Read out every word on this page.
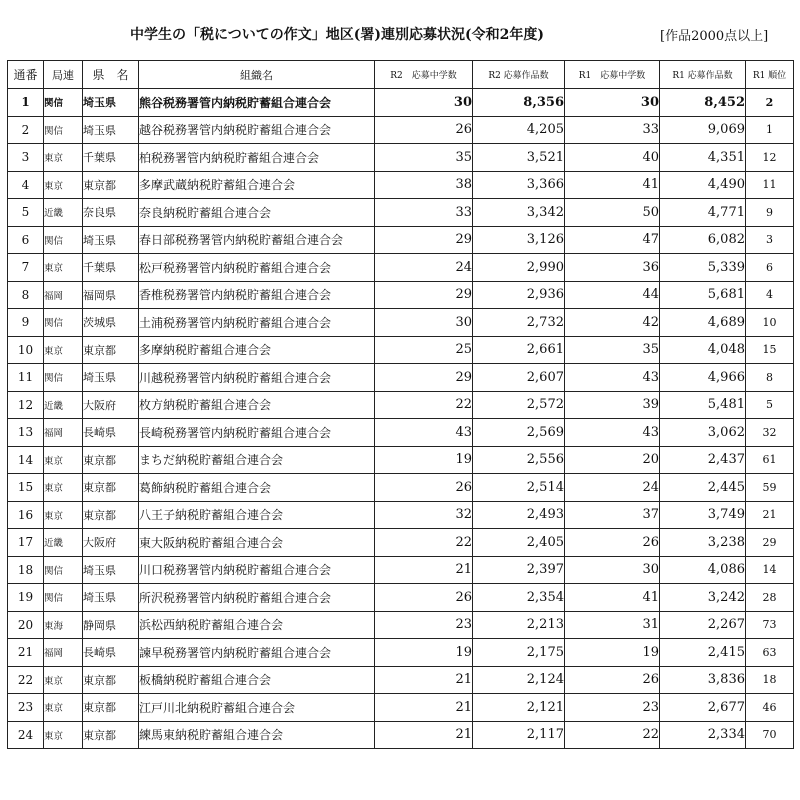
中学生の「税についての作文」地区(署)連別応募状況(令和2年度)	[作品2000点以上]
通番	局連	県　名	組織名	R2　応募中学数	R2 応募作品数	R1　応募中学数	R1 応募作品数	R1 順位
1	関信	埼玉県	熊谷税務署管内納税貯蓄組合連合会	30	8,356	30	8,452	2
2	関信	埼玉県	越谷税務署管内納税貯蓄組合連合会	26	4,205	33	9,069	1
3	東京	千葉県	柏税務署管内納税貯蓄組合連合会	35	3,521	40	4,351	12
4	東京	東京都	多摩武蔵納税貯蓄組合連合会	38	3,366	41	4,490	11
5	近畿	奈良県	奈良納税貯蓄組合連合会	33	3,342	50	4,771	9
6	関信	埼玉県	春日部税務署管内納税貯蓄組合連合会	29	3,126	47	6,082	3
7	東京	千葉県	松戸税務署管内納税貯蓄組合連合会	24	2,990	36	5,339	6
8	福岡	福岡県	香椎税務署管内納税貯蓄組合連合会	29	2,936	44	5,681	4
9	関信	茨城県	土浦税務署管内納税貯蓄組合連合会	30	2,732	42	4,689	10
10	東京	東京都	多摩納税貯蓄組合連合会	25	2,661	35	4,048	15
11	関信	埼玉県	川越税務署管内納税貯蓄組合連合会	29	2,607	43	4,966	8
12	近畿	大阪府	枚方納税貯蓄組合連合会	22	2,572	39	5,481	5
13	福岡	長崎県	長崎税務署管内納税貯蓄組合連合会	43	2,569	43	3,062	32
14	東京	東京都	まちだ納税貯蓄組合連合会	19	2,556	20	2,437	61
15	東京	東京都	葛飾納税貯蓄組合連合会	26	2,514	24	2,445	59
16	東京	東京都	八王子納税貯蓄組合連合会	32	2,493	37	3,749	21
17	近畿	大阪府	東大阪納税貯蓄組合連合会	22	2,405	26	3,238	29
18	関信	埼玉県	川口税務署管内納税貯蓄組合連合会	21	2,397	30	4,086	14
19	関信	埼玉県	所沢税務署管内納税貯蓄組合連合会	26	2,354	41	3,242	28
20	東海	静岡県	浜松西納税貯蓄組合連合会	23	2,213	31	2,267	73
21	福岡	長崎県	諫早税務署管内納税貯蓄組合連合会	19	2,175	19	2,415	63
22	東京	東京都	板橋納税貯蓄組合連合会	21	2,124	26	3,836	18
23	東京	東京都	江戸川北納税貯蓄組合連合会	21	2,121	23	2,677	46
24	東京	東京都	練馬東納税貯蓄組合連合会	21	2,117	22	2,334	70
